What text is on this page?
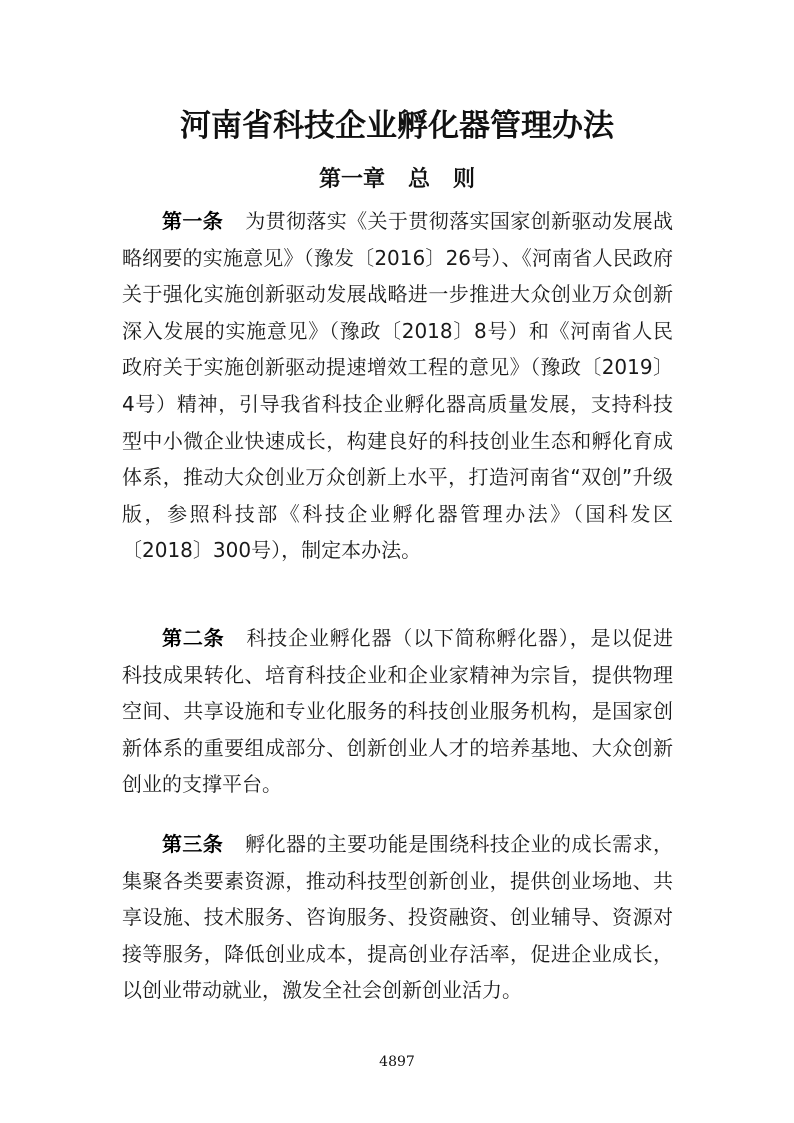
河南省科技企业孵化器管理办法
第一章   总   则

第一条 为贯彻落实《关于贯彻落实国家创新驱动发展战略纲要的实施意见》（豫发〔2016〕26号）、《河南省人民政府关于强化实施创新驱动发展战略进一步推进大众创业万众创新深入发展的实施意见》（豫政〔2018〕8号）和《河南省人民政府关于实施创新驱动提速增效工程的意见》（豫政〔2019〕4号）精神，引导我省科技企业孵化器高质量发展，支持科技型中小微企业快速成长，构建良好的科技创业生态和孵化育成体系，推动大众创业万众创新上水平，打造河南省“双创”升级版，参照科技部《科技企业孵化器管理办法》（国科发区〔2018〕300号），制定本办法。

第二条 科技企业孵化器（以下简称孵化器），是以促进科技成果转化、培育科技企业和企业家精神为宗旨，提供物理空间、共享设施和专业化服务的科技创业服务机构，是国家创新体系的重要组成部分、创新创业人才的培养基地、大众创新创业的支撑平台。

第三条 孵化器的主要功能是围绕科技企业的成长需求，集聚各类要素资源，推动科技型创新创业，提供创业场地、共享设施、技术服务、咨询服务、投资融资、创业辅导、资源对接等服务，降低创业成本，提高创业存活率，促进企业成长，以创业带动就业，激发全社会创新创业活力。

4897
